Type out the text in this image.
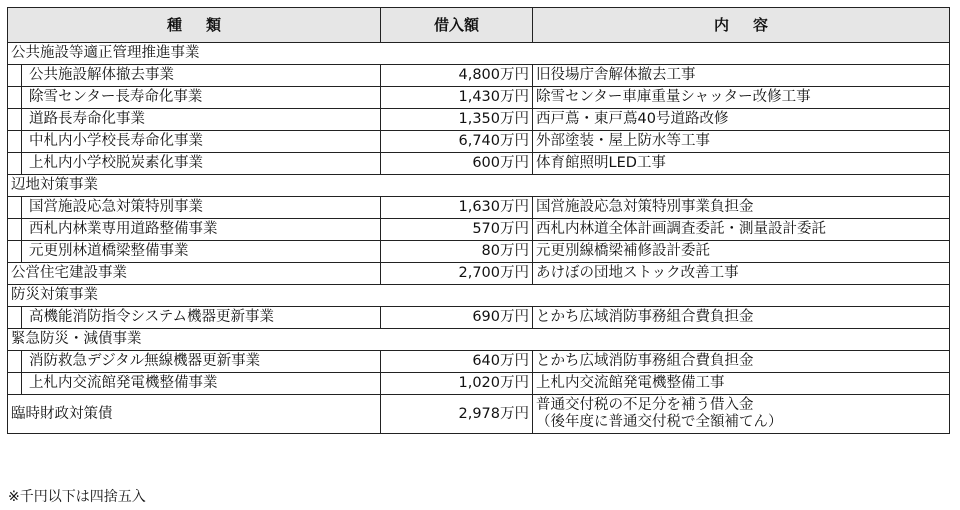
種類	借入額	内容
公共施設等適正管理推進事業		
公共施設解体撤去事業	4,800万円	旧役場庁舎解体撤去工事
除雪センター長寿命化事業	1,430万円	除雪センター車庫重量シャッター改修工事
道路長寿命化事業	1,350万円	西戸蔦・東戸蔦40号道路改修
中札内小学校長寿命化事業	6,740万円	外部塗装・屋上防水等工事
上札内小学校脱炭素化事業	600万円	体育館照明LED工事
辺地対策事業		
国営施設応急対策特別事業	1,630万円	国営施設応急対策特別事業負担金
西札内林業専用道路整備事業	570万円	西札内林道全体計画調査委託・測量設計委託
元更別林道橋梁整備事業	80万円	元更別線橋梁補修設計委託
公営住宅建設事業	2,700万円	あけぼの団地ストック改善工事
防災対策事業		
高機能消防指令システム機器更新事業	690万円	とかち広域消防事務組合費負担金
緊急防災・減債事業		
消防救急デジタル無線機器更新事業	640万円	とかち広域消防事務組合費負担金
上札内交流館発電機整備事業	1,020万円	上札内交流館発電機整備工事
臨時財政対策債	2,978万円	普通交付税の不足分を補う借入金
（後年度に普通交付税で全額補てん）
※千円以下は四捨五入
